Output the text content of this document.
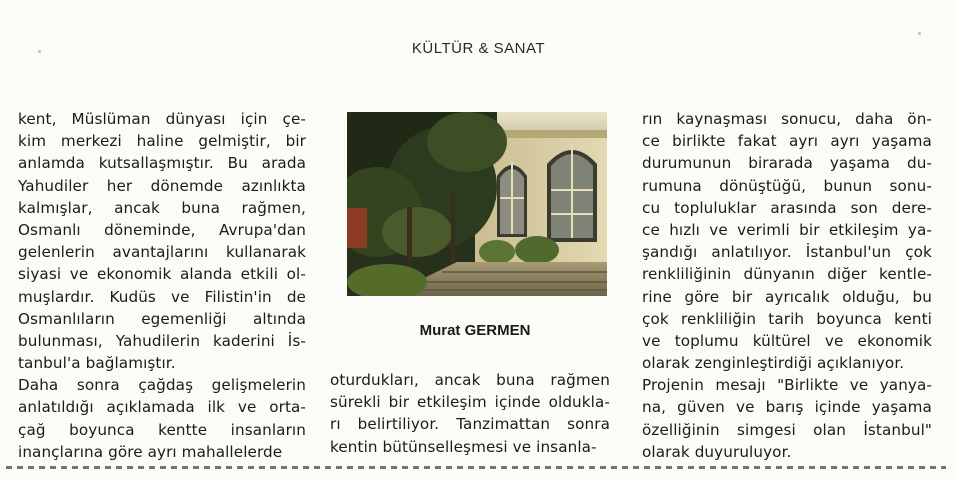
KÜLTÜR & SANAT
kent, Müslüman dünyası için çe-
kim merkezi haline gelmiştir, bir
anlamda kutsallaşmıştır. Bu arada
Yahudiler her dönemde azınlıkta
kalmışlar, ancak buna rağmen,
Osmanlı döneminde, Avrupa'dan
gelenlerin avantajlarını kullanarak
siyasi ve ekonomik alanda etkili ol-
muşlardır. Kudüs ve Filistin'in de
Osmanlıların egemenliği altında
bulunması, Yahudilerin kaderini İs-
tanbul'a bağlamıştır.
Daha sonra çağdaş gelişmelerin
anlatıldığı açıklamada ilk ve orta-
çağ boyunca kentte insanların
inançlarına göre ayrı mahallelerde
Murat GERMEN
oturdukları, ancak buna rağmen
sürekli bir etkileşim içinde oldukla-
rı belirtiliyor. Tanzimattan sonra
kentin bütünselleşmesi ve insanla-
rın kaynaşması sonucu, daha ön-
ce birlikte fakat ayrı ayrı yaşama
durumunun birarada yaşama du-
rumuna dönüştüğü, bunun sonu-
cu topluluklar arasında son dere-
ce hızlı ve verimli bir etkileşim ya-
şandığı anlatılıyor. İstanbul'un çok
renkliliğinin dünyanın diğer kentle-
rine göre bir ayrıcalık olduğu, bu
çok renkliliğin tarih boyunca kenti
ve toplumu kültürel ve ekonomik
olarak zenginleştirdiği açıklanıyor.
Projenin mesajı "Birlikte ve yanya-
na, güven ve barış içinde yaşama
özelliğinin simgesi olan İstanbul"
olarak duyuruluyor.
